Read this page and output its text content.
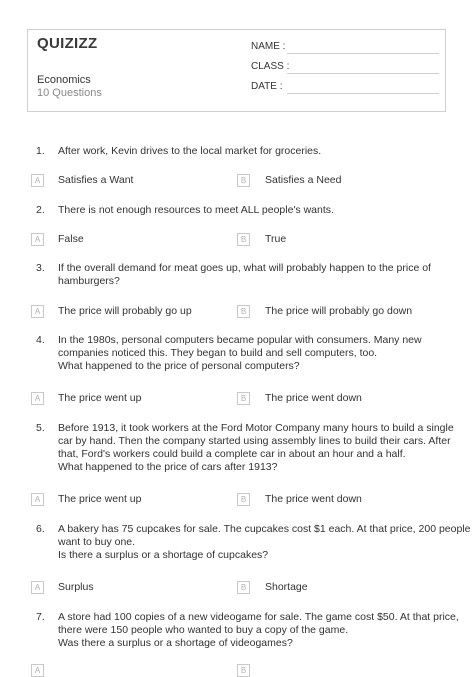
QUIZIZZ
Economics
10 Questions
NAME :
CLASS :
DATE :
1. After work, Kevin drives to the local market for groceries.
A	Satisfies a Want	B	Satisfies a Need
2. There is not enough resources to meet ALL people's wants.
A	False	B	True
3. If the overall demand for meat goes up, what will probably happen to the price of
hamburgers?
A	The price will probably go up	B	The price will probably go down
4. In the 1980s, personal computers became popular with consumers. Many new
companies noticed this. They began to build and sell computers, too.
What happened to the price of personal computers?
A	The price went up	B	The price went down
5. Before 1913, it took workers at the Ford Motor Company many hours to build a single
car by hand. Then the company started using assembly lines to build their cars. After
that, Ford's workers could build a complete car in about an hour and a half.
What happened to the price of cars after 1913?
A	The price went up	B	The price went down
6. A bakery has 75 cupcakes for sale. The cupcakes cost $1 each. At that price, 200 people
want to buy one.
Is there a surplus or a shortage of cupcakes?
A	Surplus	B	Shortage
7. A store had 100 copies of a new videogame for sale. The game cost $50. At that price,
there were 150 people who wanted to buy a copy of the game.
Was there a surplus or a shortage of videogames?
A	B
